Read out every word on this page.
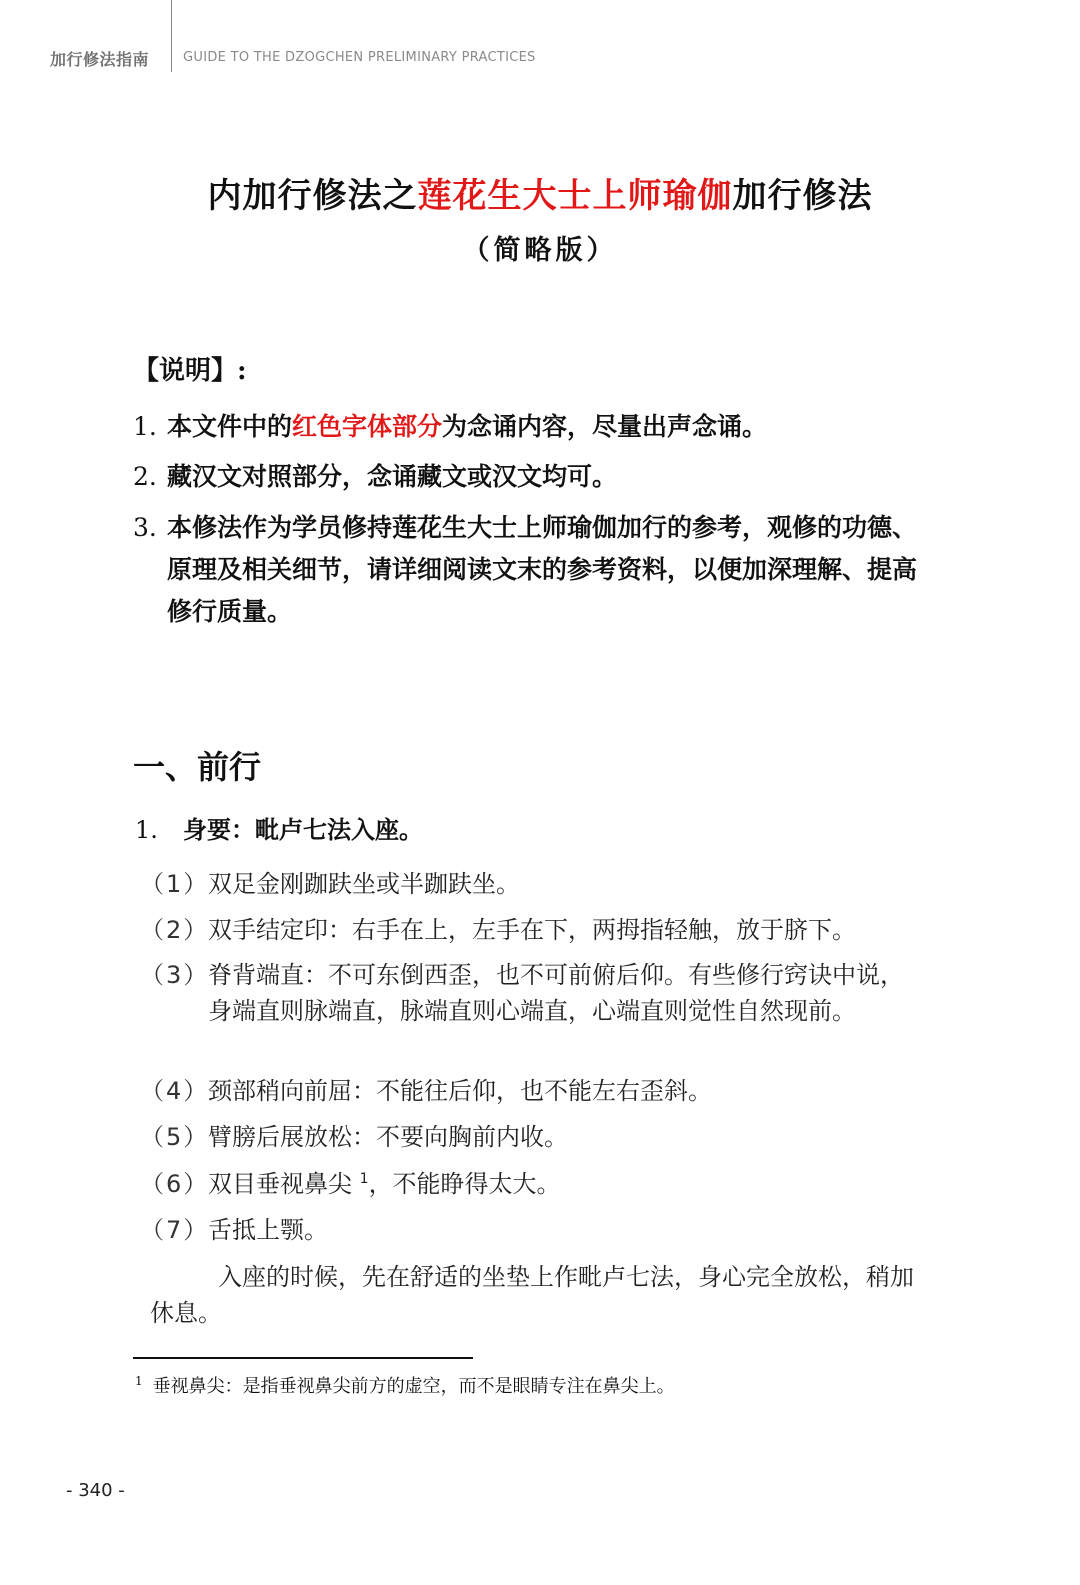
加行修法指南	GUIDE TO THE DZOGCHEN PRELIMINARY PRACTICES
内加行修法之莲花生大士上师瑜伽加行修法
（简略版）
【说明】:
1. 本文件中的红色字体部分为念诵内容，尽量出声念诵。
2. 藏汉文对照部分，念诵藏文或汉文均可。
3. 本修法作为学员修持莲花生大士上师瑜伽加行的参考，观修的功德、原理及相关细节，请详细阅读文末的参考资料，以便加深理解、提高修行质量。
一、前行
1. 身要：毗卢七法入座。
（1）双足金刚跏趺坐或半跏趺坐。
（2）双手结定印：右手在上，左手在下，两拇指轻触，放于脐下。
（3）脊背端直：不可东倒西歪，也不可前俯后仰。有些修行窍诀中说，身端直则脉端直，脉端直则心端直，心端直则觉性自然现前。
（4）颈部稍向前屈：不能往后仰，也不能左右歪斜。
（5）臂膀后展放松：不要向胸前内收。
（6）双目垂视鼻尖 $^1$，不能睁得太大。
（7）舌抵上颚。
入座的时候，先在舒适的坐垫上作毗卢七法，身心完全放松，稍加休息。
$^1$ 垂视鼻尖：是指垂视鼻尖前方的虚空，而不是眼睛专注在鼻尖上。
- 340 -
